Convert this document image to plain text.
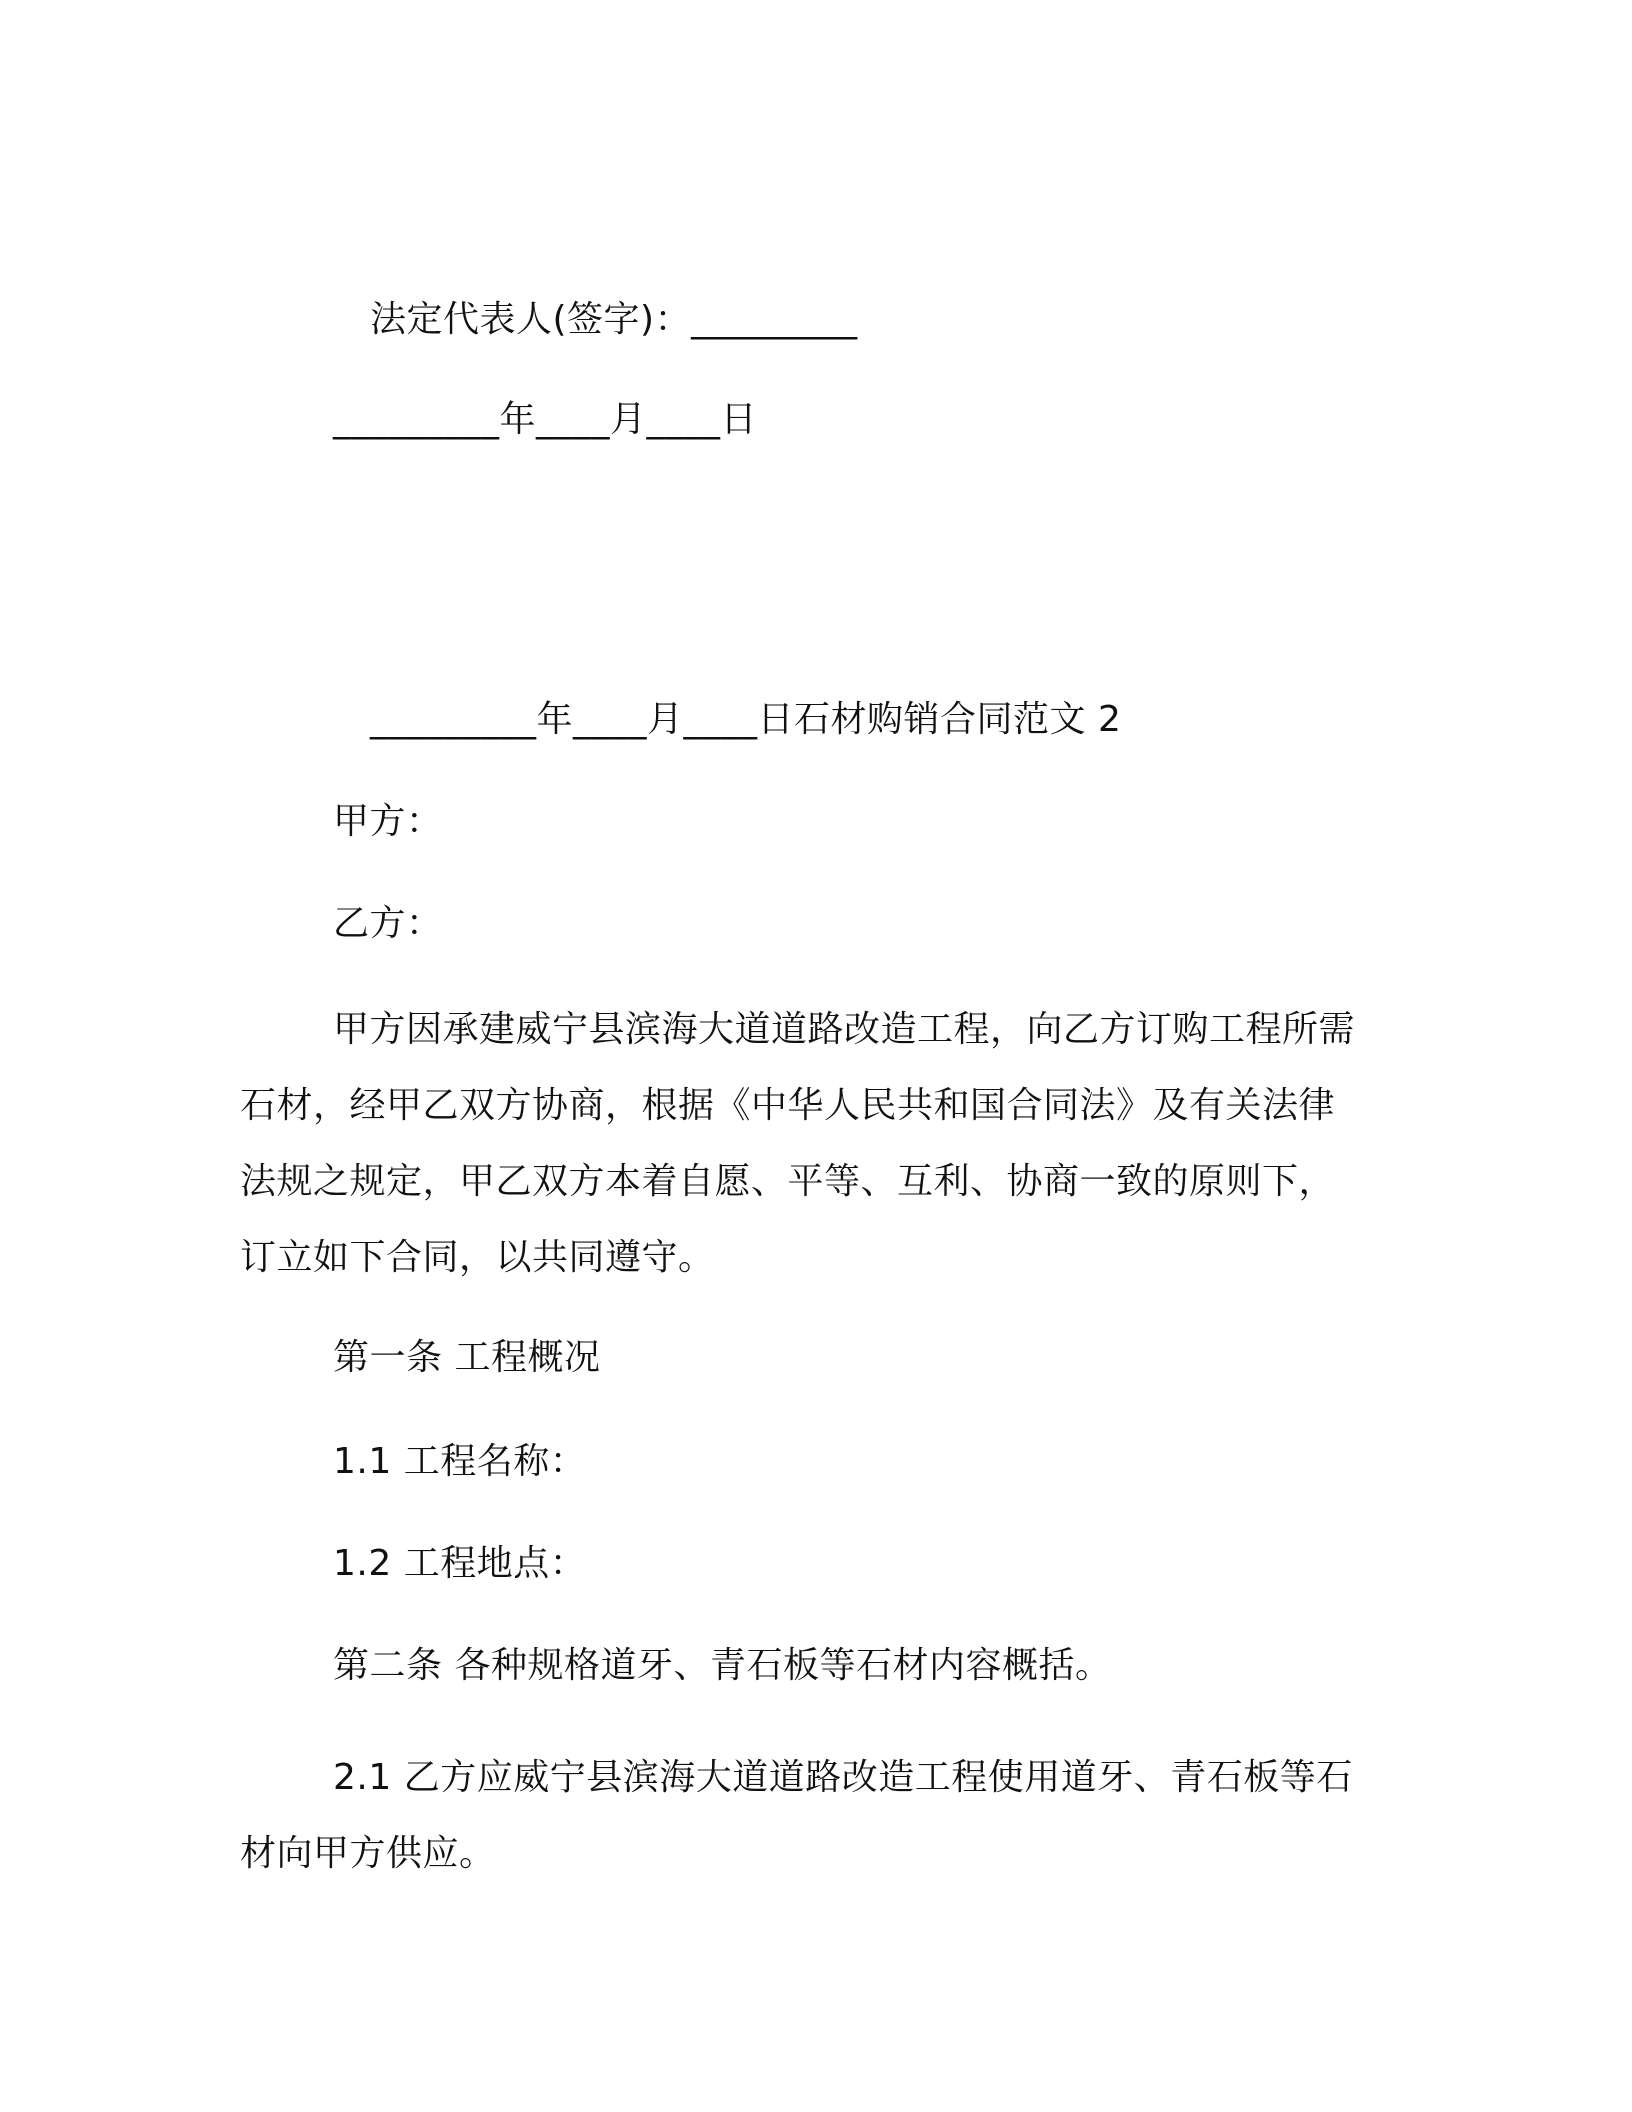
法定代表人(签字)：_________
_________年____月____日
_________年____月____日石材购销合同范文 2
甲方：
乙方：
甲方因承建威宁县滨海大道道路改造工程，向乙方订购工程所需
石材，经甲乙双方协商，根据《中华人民共和国合同法》及有关法律
法规之规定，甲乙双方本着自愿、平等、互利、协商一致的原则下，
订立如下合同，以共同遵守。
第一条 工程概况
1.1 工程名称：
1.2 工程地点：
第二条 各种规格道牙、青石板等石材内容概括。
2.1 乙方应威宁县滨海大道道路改造工程使用道牙、青石板等石
材向甲方供应。
